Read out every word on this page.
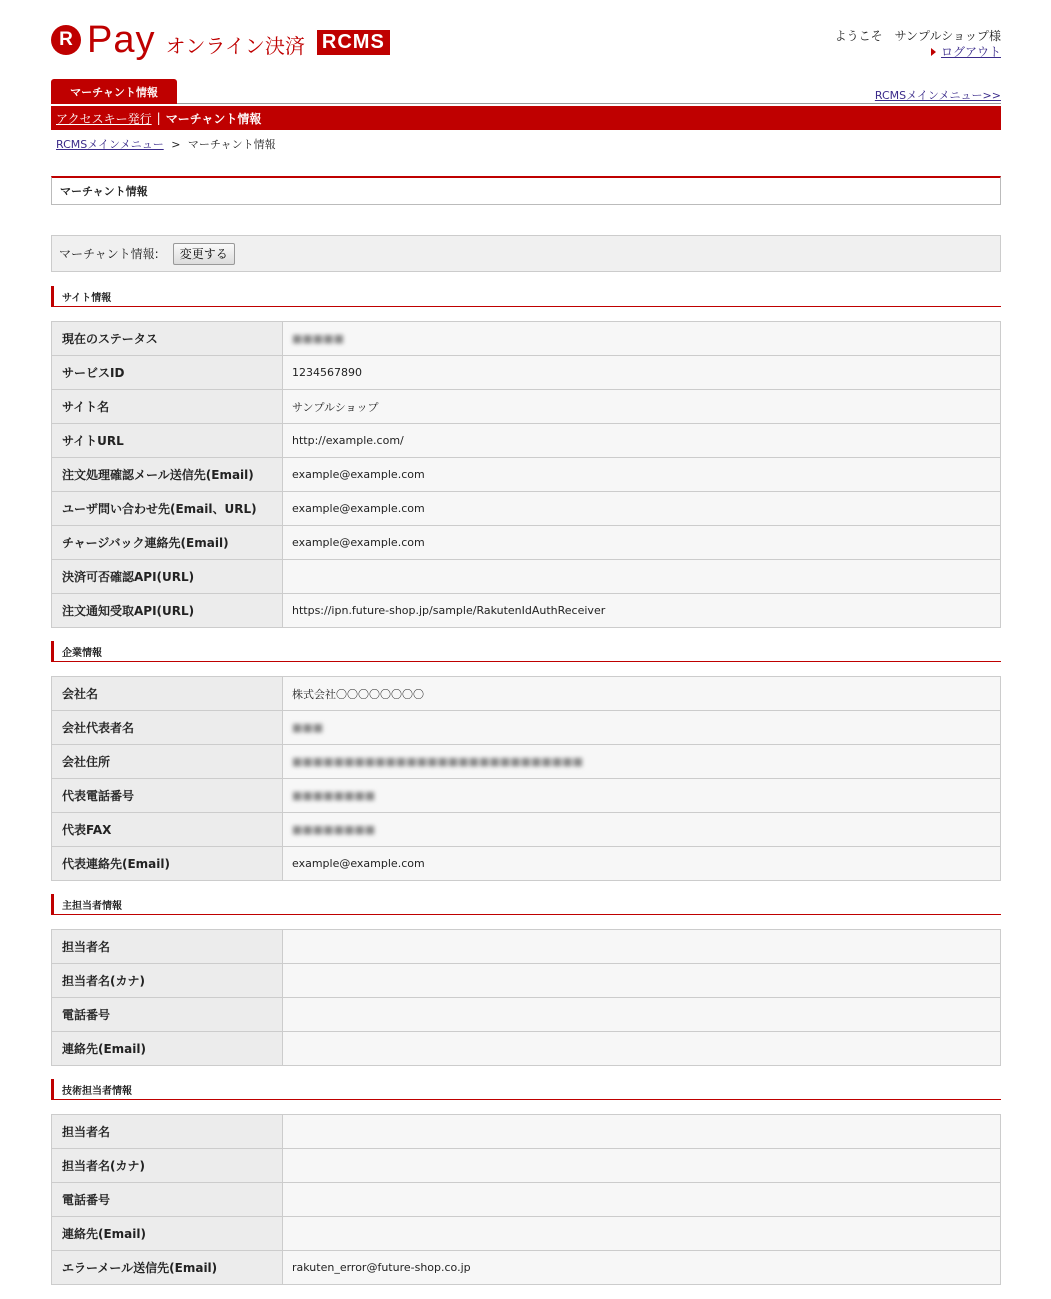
R Pay オンライン決済 RCMS	ようこそ　サンプルショップ様
ログアウト
マーチャント情報	RCMSメインメニュー>>
アクセスキー発行 | マーチャント情報
RCMSメインメニュー > マーチャント情報
マーチャント情報
マーチャント情報:	変更する
サイト情報
現在のステータス	■■■■■
サービスID	1234567890
サイト名	サンプルショップ
サイトURL	http://example.com/
注文処理確認メール送信先(Email)	example@example.com
ユーザ問い合わせ先(Email、URL)	example@example.com
チャージバック連絡先(Email)	example@example.com
決済可否確認API(URL)	
注文通知受取API(URL)	https://ipn.future-shop.jp/sample/RakutenIdAuthReceiver
企業情報
会社名	株式会社〇〇〇〇〇〇〇〇
会社代表者名	■■■
会社住所	■■■■■■■■■■■■■■■■■■■■■■■■■■■■
代表電話番号	■■■■■■■■
代表FAX	■■■■■■■■
代表連絡先(Email)	example@example.com
主担当者情報
担当者名	
担当者名(カナ)	
電話番号	
連絡先(Email)	
技術担当者情報
担当者名	
担当者名(カナ)	
電話番号	
連絡先(Email)	
エラーメール送信先(Email)	rakuten_error@future-shop.co.jp
